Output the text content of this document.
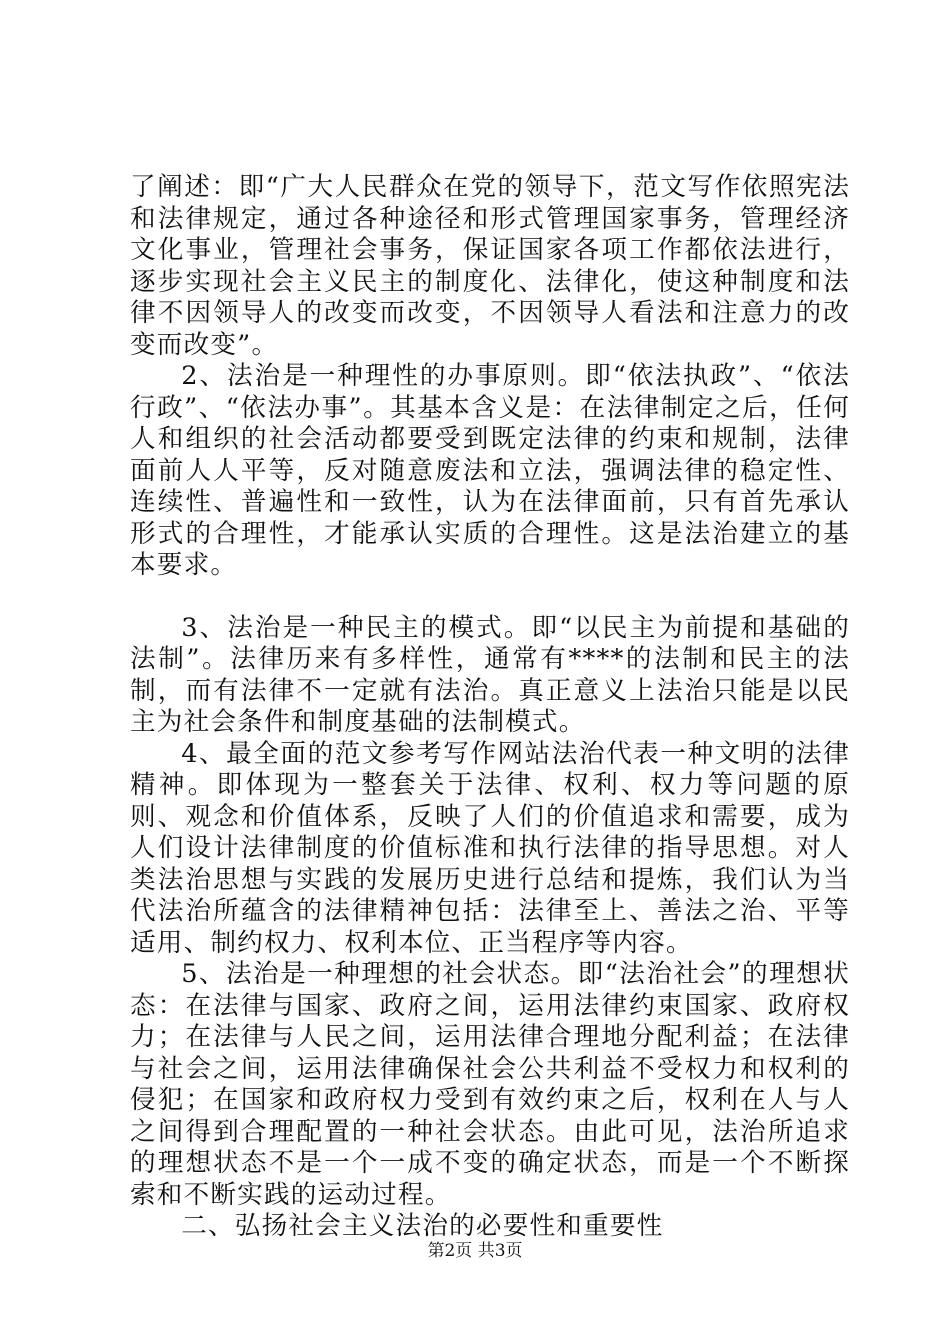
了阐述：即“广大人民群众在党的领导下，范文写作依照宪法和法律规定，通过各种途径和形式管理国家事务，管理经济文化事业，管理社会事务，保证国家各项工作都依法进行，逐步实现社会主义民主的制度化、法律化，使这种制度和法律不因领导人的改变而改变，不因领导人看法和注意力的改变而改变”。

2、法治是一种理性的办事原则。即“依法执政”、“依法行政”、“依法办事”。其基本含义是：在法律制定之后，任何人和组织的社会活动都要受到既定法律的约束和规制，法律面前人人平等，反对随意废法和立法，强调法律的稳定性、连续性、普遍性和一致性，认为在法律面前，只有首先承认形式的合理性，才能承认实质的合理性。这是法治建立的基本要求。

3、法治是一种民主的模式。即“以民主为前提和基础的法制”。法律历来有多样性，通常有****的法制和民主的法制，而有法律不一定就有法治。真正意义上法治只能是以民主为社会条件和制度基础的法制模式。

4、最全面的范文参考写作网站法治代表一种文明的法律精神。即体现为一整套关于法律、权利、权力等问题的原则、观念和价值体系，反映了人们的价值追求和需要，成为人们设计法律制度的价值标准和执行法律的指导思想。对人类法治思想与实践的发展历史进行总结和提炼，我们认为当代法治所蕴含的法律精神包括：法律至上、善法之治、平等适用、制约权力、权利本位、正当程序等内容。

5、法治是一种理想的社会状态。即“法治社会”的理想状态：在法律与国家、政府之间，运用法律约束国家、政府权力；在法律与人民之间，运用法律合理地分配利益；在法律与社会之间，运用法律确保社会公共利益不受权力和权利的侵犯；在国家和政府权力受到有效约束之后，权利在人与人之间得到合理配置的一种社会状态。由此可见，法治所追求的理想状态不是一个一成不变的确定状态，而是一个不断探索和不断实践的运动过程。

二、弘扬社会主义法治的必要性和重要性

第2页 共3页
